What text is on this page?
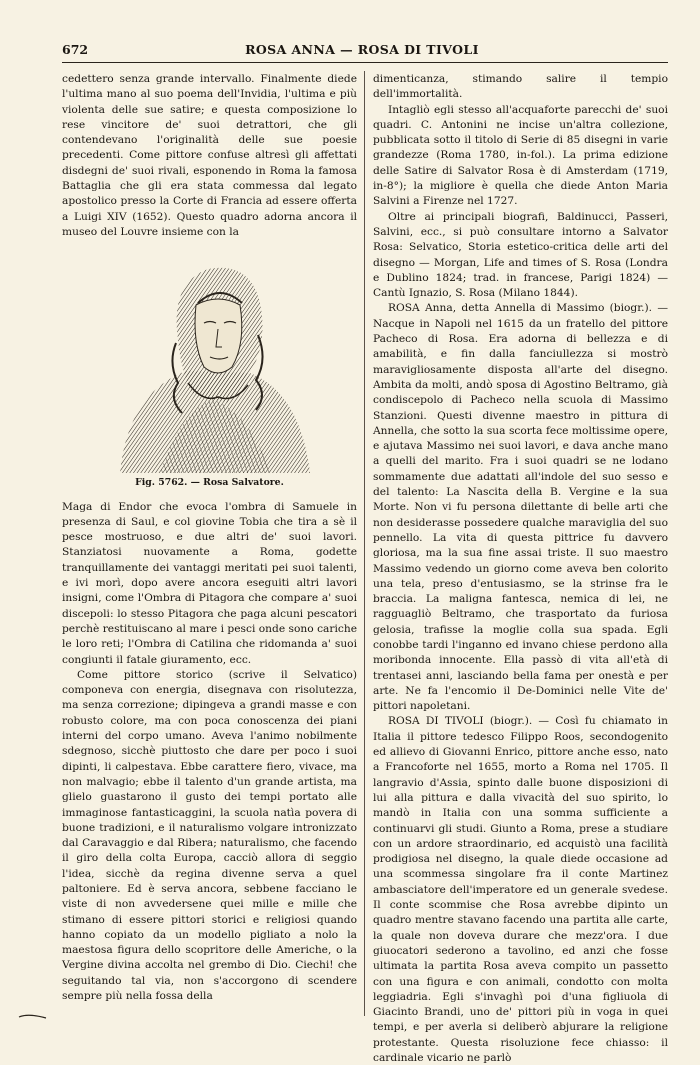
672	ROSA ANNA — ROSA DI TIVOLI

cedettero senza grande intervallo. Finalmente diede l'ultima mano al suo poema dell'Invidia, l'ultima e più violenta delle sue satire; e questa composizione lo rese vincitore de' suoi detrattori, che gli contendevano l'originalità delle sue poesie precedenti. Come pittore confuse altresì gli affettati disdegni de' suoi rivali, esponendo in Roma la famosa Battaglia che gli era stata commessa dal legato apostolico presso la Corte di Francia ad essere offerta a Luigi XIV (1652). Questo quadro adorna ancora il museo del Louvre insieme con la

Fig. 5762. — Rosa Salvatore.

Maga di Endor che evoca l'ombra di Samuele in presenza di Saul, e col giovine Tobia che tira a sè il pesce mostruoso, e due altri de' suoi lavori. Stanziatosi nuovamente a Roma, godette tranquillamente dei vantaggi meritati pei suoi talenti, e ivi morì, dopo avere ancora eseguiti altri lavori insigni, come l'Ombra di Pitagora che compare a' suoi discepoli: lo stesso Pitagora che paga alcuni pescatori perchè restituiscano al mare i pesci onde sono cariche le loro reti; l'Ombra di Catilina che ridomanda a' suoi congiunti il fatale giuramento, ecc.

Come pittore storico (scrive il Selvatico) componeva con energia, disegnava con risolutezza, ma senza correzione; dipingeva a grandi masse e con robusto colore, ma con poca conoscenza dei piani interni del corpo umano. Aveva l'animo nobilmente sdegnoso, sicchè piuttosto che dare per poco i suoi dipinti, li calpestava. Ebbe carattere fiero, vivace, ma non malvagio; ebbe il talento d'un grande artista, ma glielo guastarono il gusto dei tempi portato alle immaginose fantasticaggini, la scuola natìa povera di buone tradizioni, e il naturalismo volgare intronizzato dal Caravaggio e dal Ribera; naturalismo, che facendo il giro della colta Europa, cacciò allora di seggio l'idea, sicchè da regina divenne serva a quel paltoniere. Ed è serva ancora, sebbene facciano le viste di non avvedersene quei mille e mille che stimano di essere pittori storici e religiosi quando hanno copiato da un modello pigliato a nolo la maestosa figura dello scopritore delle Americhe, o la Vergine divina accolta nel grembo di Dio. Ciechi! che seguitando tal via, non s'accorgono di scendere sempre più nella fossa della

dimenticanza, stimando salire il tempio dell'immortalità.

Intagliò egli stesso all'acquaforte parecchi de' suoi quadri. C. Antonini ne incise un'altra collezione, pubblicata sotto il titolo di Serie di 85 disegni in varie grandezze (Roma 1780, in-fol.). La prima edizione delle Satire di Salvator Rosa è di Amsterdam (1719, in-8°); la migliore è quella che diede Anton Maria Salvini a Firenze nel 1727.

Oltre ai principali biografi, Baldinucci, Passeri, Salvini, ecc., si può consultare intorno a Salvator Rosa: Selvatico, Storia estetico-critica delle arti del disegno — Morgan, Life and times of S. Rosa (Londra e Dublino 1824; trad. in francese, Parigi 1824) — Cantù Ignazio, S. Rosa (Milano 1844).

ROSA Anna, detta Annella di Massimo (biogr.). — Nacque in Napoli nel 1615 da un fratello del pittore Pacheco di Rosa. Era adorna di bellezza e di amabilità, e fin dalla fanciullezza si mostrò maravigliosamente disposta all'arte del disegno. Ambita da molti, andò sposa di Agostino Beltramo, già condiscepolo di Pacheco nella scuola di Massimo Stanzioni. Questi divenne maestro in pittura di Annella, che sotto la sua scorta fece moltissime opere, e ajutava Massimo nei suoi lavori, e dava anche mano a quelli del marito. Fra i suoi quadri se ne lodano sommamente due adattati all'indole del suo sesso e del talento: La Nascita della B. Vergine e la sua Morte. Non vi fu persona dilettante di belle arti che non desiderasse possedere qualche maraviglia del suo pennello. La vita di questa pittrice fu davvero gloriosa, ma la sua fine assai triste. Il suo maestro Massimo vedendo un giorno come aveva ben colorito una tela, preso d'entusiasmo, se la strinse fra le braccia. La maligna fantesca, nemica di lei, ne ragguagliò Beltramo, che trasportato da furiosa gelosia, trafisse la moglie colla sua spada. Egli conobbe tardi l'inganno ed invano chiese perdono alla moribonda innocente. Ella passò di vita all'età di trentasei anni, lasciando bella fama per onestà e per arte. Ne fa l'encomio il De-Dominici nelle Vite de' pittori napoletani.

ROSA DI TIVOLI (biogr.). — Così fu chiamato in Italia il pittore tedesco Filippo Roos, secondogenito ed allievo di Giovanni Enrico, pittore anche esso, nato a Francoforte nel 1655, morto a Roma nel 1705. Il langravio d'Assia, spinto dalle buone disposizioni di lui alla pittura e dalla vivacità del suo spirito, lo mandò in Italia con una somma sufficiente a continuarvi gli studi. Giunto a Roma, prese a studiare con un ardore straordinario, ed acquistò una facilità prodigiosa nel disegno, la quale diede occasione ad una scommessa singolare fra il conte Martinez ambasciatore dell'imperatore ed un generale svedese. Il conte scommise che Rosa avrebbe dipinto un quadro mentre stavano facendo una partita alle carte, la quale non doveva durare che mezz'ora. I due giuocatori sederono a tavolino, ed anzi che fosse ultimata la partita Rosa aveva compito un passetto con una figura e con animali, condotto con molta leggiadria. Egli s'invaghì poi d'una figliuola di Giacinto Brandi, uno de' pittori più in voga in quei tempi, e per averla si deliberò abjurare la religione protestante. Questa risoluzione fece chiasso: il cardinale vicario ne parlò
